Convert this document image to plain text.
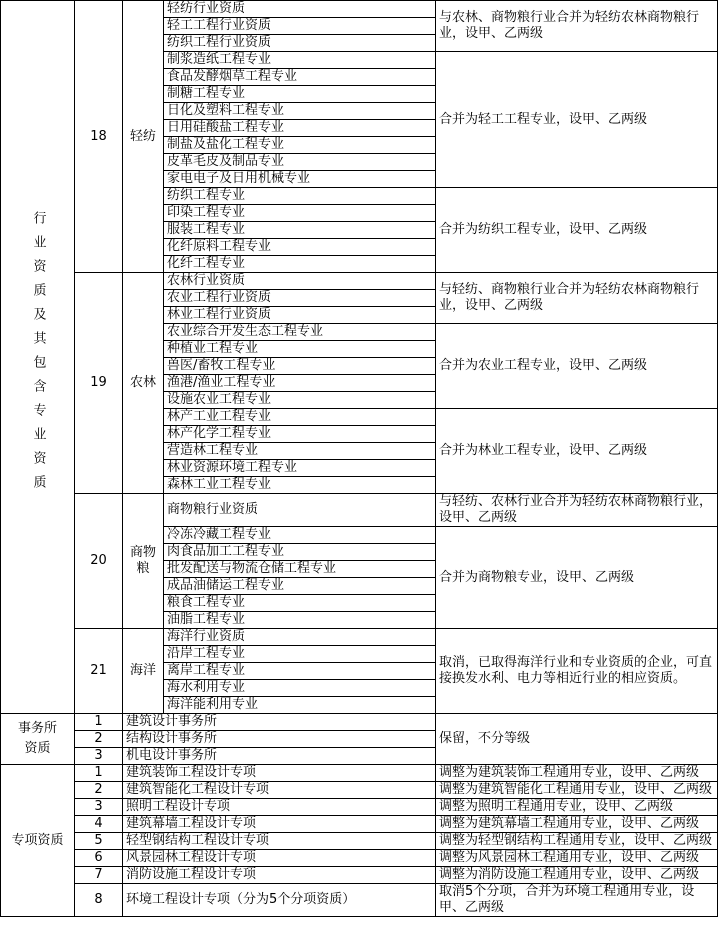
行业资质及其包含专业资质	18	轻纺	轻纺行业资质	与农林、商物粮行业合并为轻纺农林商物粮行业，设甲、乙两级
			轻工工程行业资质	
			纺织工程行业资质	
			制浆造纸工程专业	合并为轻工工程专业，设甲、乙两级
			食品发酵烟草工程专业	
			制糖工程专业	
			日化及塑料工程专业	
			日用硅酸盐工程专业	
			制盐及盐化工程专业	
			皮革毛皮及制品专业	
			家电电子及日用机械专业	
			纺织工程专业	合并为纺织工程专业，设甲、乙两级
			印染工程专业	
			服装工程专业	
			化纤原料工程专业	
			化纤工程专业	
	19	农林	农林行业资质	与轻纺、商物粮行业合并为轻纺农林商物粮行业，设甲、乙两级
			农业工程行业资质	
			林业工程行业资质	
			农业综合开发生态工程专业	合并为农业工程专业，设甲、乙两级
			种植业工程专业	
			兽医/畜牧工程专业	
			渔港/渔业工程专业	
			设施农业工程专业	
			林产工业工程专业	合并为林业工程专业，设甲、乙两级
			林产化学工程专业	
			营造林工程专业	
			林业资源环境工程专业	
			森林工业工程专业	
	20	商物粮	商物粮行业资质	与轻纺、农林行业合并为轻纺农林商物粮行业，设甲、乙两级
			冷冻冷藏工程专业	合并为商物粮专业，设甲、乙两级
			肉食品加工工程专业	
			批发配送与物流仓储工程专业	
			成品油储运工程专业	
			粮食工程专业	
			油脂工程专业	
	21	海洋	海洋行业资质	取消，已取得海洋行业和专业资质的企业，可直接换发水利、电力等相近行业的相应资质。
			沿岸工程专业	
			离岸工程专业	
			海水利用专业	
			海洋能利用专业	

事务所资质	1	建筑设计事务所		保留，不分等级
	2	结构设计事务所		
	3	机电设计事务所		
专项资质	1	建筑装饰工程设计专项		调整为建筑装饰工程通用专业，设甲、乙两级
	2	建筑智能化工程设计专项		调整为建筑智能化工程通用专业，设甲、乙两级
	3	照明工程设计专项		调整为照明工程通用专业，设甲、乙两级
	4	建筑幕墙工程设计专项		调整为建筑幕墙工程通用专业，设甲、乙两级
	5	轻型钢结构工程设计专项		调整为轻型钢结构工程通用专业，设甲、乙两级
	6	风景园林工程设计专项		调整为风景园林工程通用专业，设甲、乙两级
	7	消防设施工程设计专项		调整为消防设施工程通用专业，设甲、乙两级
	8	环境工程设计专项（分为5个分项资质）		取消5个分项，合并为环境工程通用专业，设甲、乙两级
